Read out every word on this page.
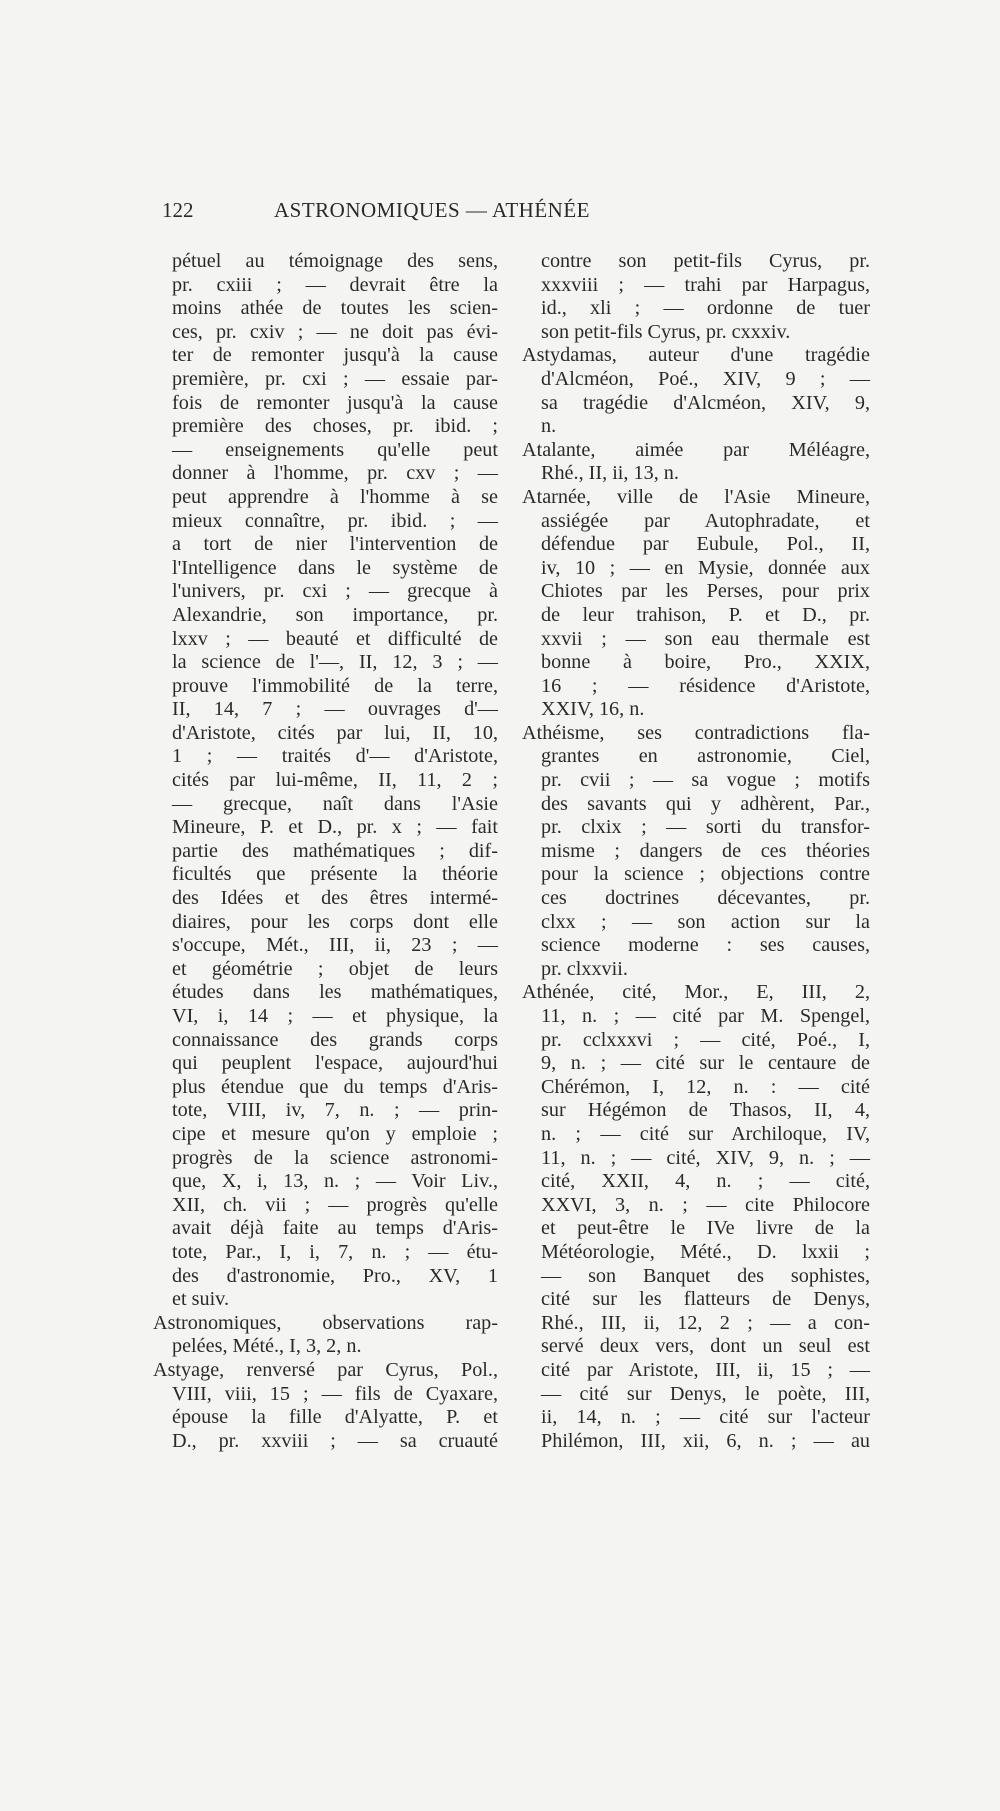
ASTRONOMIQUES — ATHÉNÉE
122
pétuel au témoignage des sens,
pr. cxiii ; — devrait être la
moins athée de toutes les scien-
ces, pr. cxiv ; — ne doit pas évi-
ter de remonter jusqu'à la cause
première, pr. cxi ; — essaie par-
fois de remonter jusqu'à la cause
première des choses, pr. ibid. ;
— enseignements qu'elle peut
donner à l'homme, pr. cxv ; —
peut apprendre à l'homme à se
mieux connaître, pr. ibid. ; —
a tort de nier l'intervention de
l'Intelligence dans le système de
l'univers, pr. cxi ; — grecque à
Alexandrie, son importance, pr.
lxxv ; — beauté et difficulté de
la science de l'—, II, 12, 3 ; —
prouve l'immobilité de la terre,
II, 14, 7 ; — ouvrages d'—
d'Aristote, cités par lui, II, 10,
1 ; — traités d'— d'Aristote,
cités par lui-même, II, 11, 2 ;
— grecque, naît dans l'Asie
Mineure, P. et D., pr. x ; — fait
partie des mathématiques ; dif-
ficultés que présente la théorie
des Idées et des êtres intermé-
diaires, pour les corps dont elle
s'occupe, Mét., III, ii, 23 ; —
et géométrie ; objet de leurs
études dans les mathématiques,
VI, i, 14 ; — et physique, la
connaissance des grands corps
qui peuplent l'espace, aujourd'hui
plus étendue que du temps d'Aris-
tote, VIII, iv, 7, n. ; — prin-
cipe et mesure qu'on y emploie ;
progrès de la science astronomi-
que, X, i, 13, n. ; — Voir Liv.,
XII, ch. vii ; — progrès qu'elle
avait déjà faite au temps d'Aris-
tote, Par., I, i, 7, n. ; — étu-
des d'astronomie, Pro., XV, 1
et suiv.
Astronomiques, observations rap-
pelées, Mété., I, 3, 2, n.
Astyage, renversé par Cyrus, Pol.,
VIII, viii, 15 ; — fils de Cyaxare,
épouse la fille d'Alyatte, P. et
D., pr. xxviii ; — sa cruauté
contre son petit-fils Cyrus, pr.
xxxviii ; — trahi par Harpagus,
id., xli ; — ordonne de tuer
son petit-fils Cyrus, pr. cxxxiv.
Astydamas, auteur d'une tragédie
d'Alcméon, Poé., XIV, 9 ; —
sa tragédie d'Alcméon, XIV, 9,
n.
Atalante, aimée par Méléagre,
Rhé., II, ii, 13, n.
Atarnée, ville de l'Asie Mineure,
assiégée par Autophradate, et
défendue par Eubule, Pol., II,
iv, 10 ; — en Mysie, donnée aux
Chiotes par les Perses, pour prix
de leur trahison, P. et D., pr.
xxvii ; — son eau thermale est
bonne à boire, Pro., XXIX,
16 ; — résidence d'Aristote,
XXIV, 16, n.
Athéisme, ses contradictions fla-
grantes en astronomie, Ciel,
pr. cvii ; — sa vogue ; motifs
des savants qui y adhèrent, Par.,
pr. clxix ; — sorti du transfor-
misme ; dangers de ces théories
pour la science ; objections contre
ces doctrines décevantes, pr.
clxx ; — son action sur la
science moderne : ses causes,
pr. clxxvii.
Athénée, cité, Mor., E, III, 2,
11, n. ; — cité par M. Spengel,
pr. cclxxxvi ; — cité, Poé., I,
9, n. ; — cité sur le centaure de
Chérémon, I, 12, n. : — cité
sur Hégémon de Thasos, II, 4,
n. ; — cité sur Archiloque, IV,
11, n. ; — cité, XIV, 9, n. ; —
cité, XXII, 4, n. ; — cité,
XXVI, 3, n. ; — cite Philocore
et peut-être le IVe livre de la
Météorologie, Mété., D. lxxii ;
— son Banquet des sophistes,
cité sur les flatteurs de Denys,
Rhé., III, ii, 12, 2 ; — a con-
servé deux vers, dont un seul est
cité par Aristote, III, ii, 15 ; —
— cité sur Denys, le poète, III,
ii, 14, n. ; — cité sur l'acteur
Philémon, III, xii, 6, n. ; — au
